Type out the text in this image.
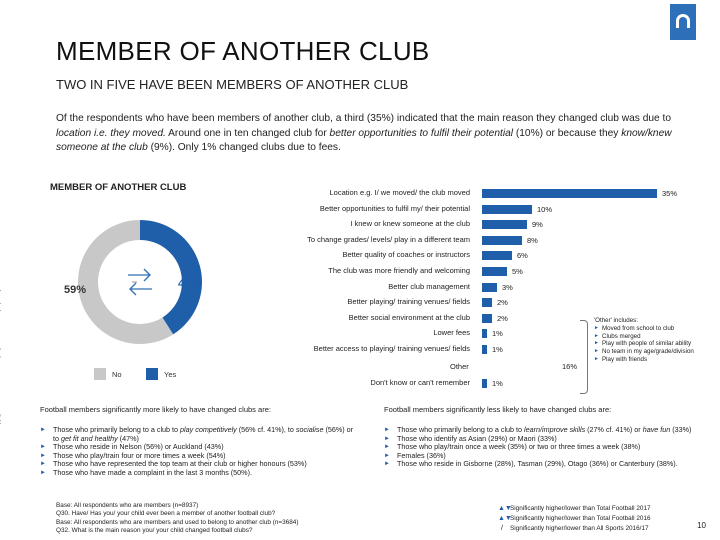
MEMBER OF ANOTHER CLUB
TWO IN FIVE HAVE BEEN MEMBERS OF ANOTHER CLUB
Of the respondents who have been members of another club, a third (35%) indicated that the main reason they changed club was due to location i.e. they moved. Around one in ten changed club for better opportunities to fulfil their potential (10%) or because they know/knew someone at the club (9%). Only 1% changed clubs due to fees.
MEMBER OF ANOTHER CLUB
59%	41%
No	Yes
Location e.g. I/ we moved/ the club moved	35%
Better opportunities to fulfil my/ their potential	10%
I knew or knew someone at the club	9%
To change grades/ levels/ play in a different team	8%
Better quality of coaches or instructors	6%
The club was more friendly and welcoming	5%
Better club management	3%
Better playing/ training venues/ fields	2%
Better social environment at the club	2%
Lower fees	1%
Better access to playing/ training venues/ fields	1%
Don't know or can't remember	1%
Other	16%
'Other' includes:
► Moved from school to club
► Clubs merged
► Play with people of similar ability
► No team in my age/grade/division
► Play with friends
Football members significantly more likely to have changed clubs are:
► Those who primarily belong to a club to play competitively (56% cf. 41%), to socialise (56%) or to get fit and healthy (47%)
► Those who reside in Nelson (56%) or Auckland (43%)
► Those who play/train four or more times a week (54%)
► Those who have represented the top team at their club or higher honours (53%)
► Those who have made a complaint in the last 3 months (50%).
Football members significantly less likely to have changed clubs are:
► Those who primarily belong to a club to learn/improve skills (27% cf. 41%) or have fun (33%)
► Those who identify as Asian (29%) or Maori (33%)
► Those who play/train once a week (35%) or two or three times a week (38%)
► Females (36%)
► Those who reside in Gisborne (28%), Tasman (29%), Otago (36%) or Canterbury (38%).
Base: All respondents who are members (n=8937)
Q30. Have/ Has you/ your child ever been a member of another football club?
Base: All respondents who are members and used to belong to another club (n=3684)
Q32. What is the main reason you/ your child changed football clubs?
▲▼
Significantly higher/lower than Total Football 2017
▲▼
Significantly higher/lower than Total Football 2016
/	Significantly higher/lower than All Sports 2016/17	10
